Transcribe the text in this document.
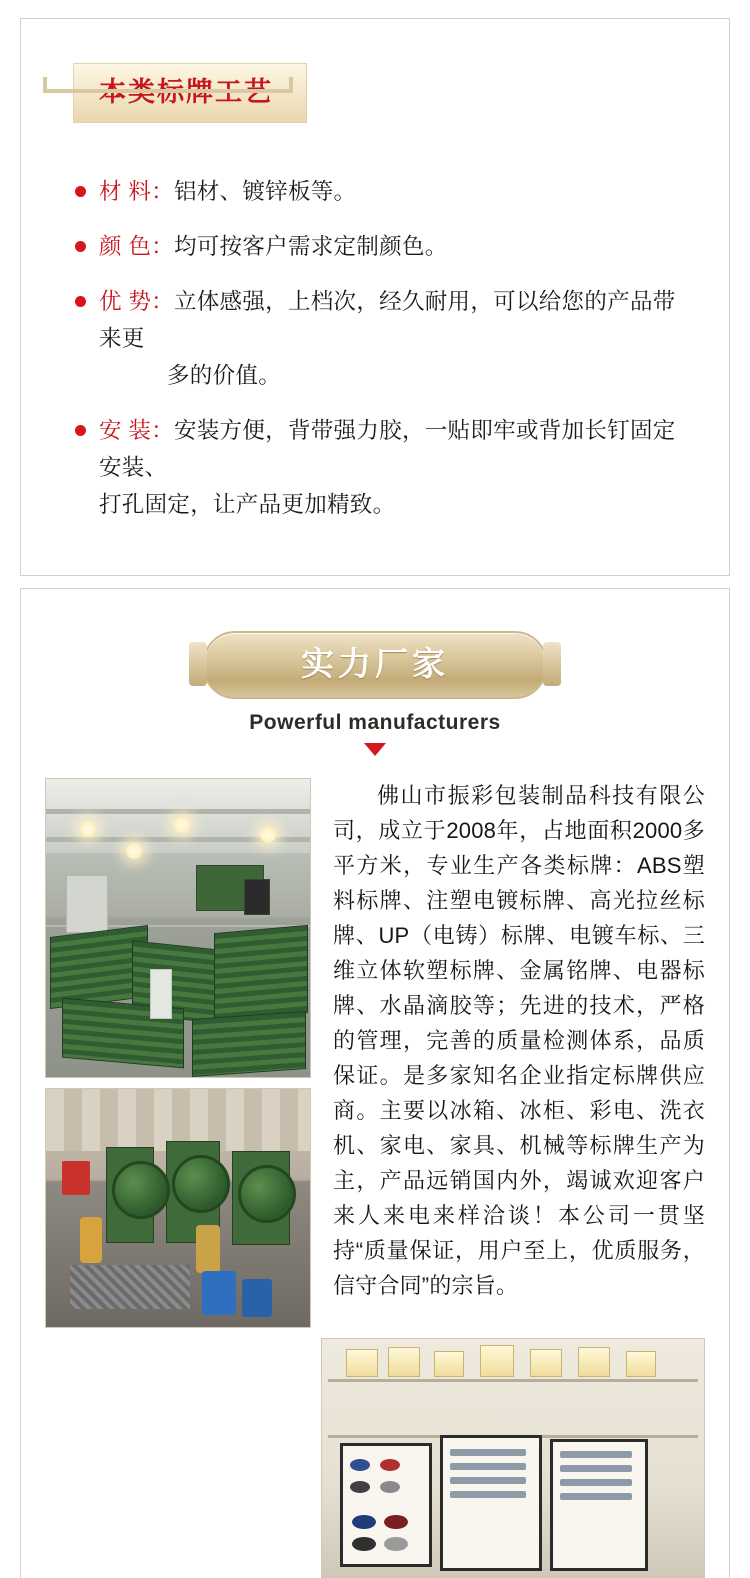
材 料：铝材、镀锌板等。
颜 色：均可按客户需求定制颜色。
优 势：立体感强，上档次，经久耐用，可以给您的产品带来更
多的价值。
安 装：安装方便，背带强力胶，一贴即牢或背加长钉固定安装、
打孔固定，让产品更加精致。
实力厂家
Powerful manufacturers

佛山市振彩包装制品科技有限公司，成立于2008年，占地面积2000多平方米，专业生产各类标牌：ABS塑料标牌、注塑电镀标牌、高光拉丝标牌、UP（电铸）标牌、电镀车标、三维立体软塑标牌、金属铭牌、电器标牌、水晶滴胶等；先进的技术，严格的管理，完善的质量检测体系，品质保证。是多家知名企业指定标牌供应商。主要以冰箱、冰柜、彩电、洗衣机、家电、家具、机械等标牌生产为主，产品远销国内外，竭诚欢迎客户来人来电来样洽谈！本公司一贯坚持“质量保证，用户至上，优质服务，信守合同”的宗旨。
